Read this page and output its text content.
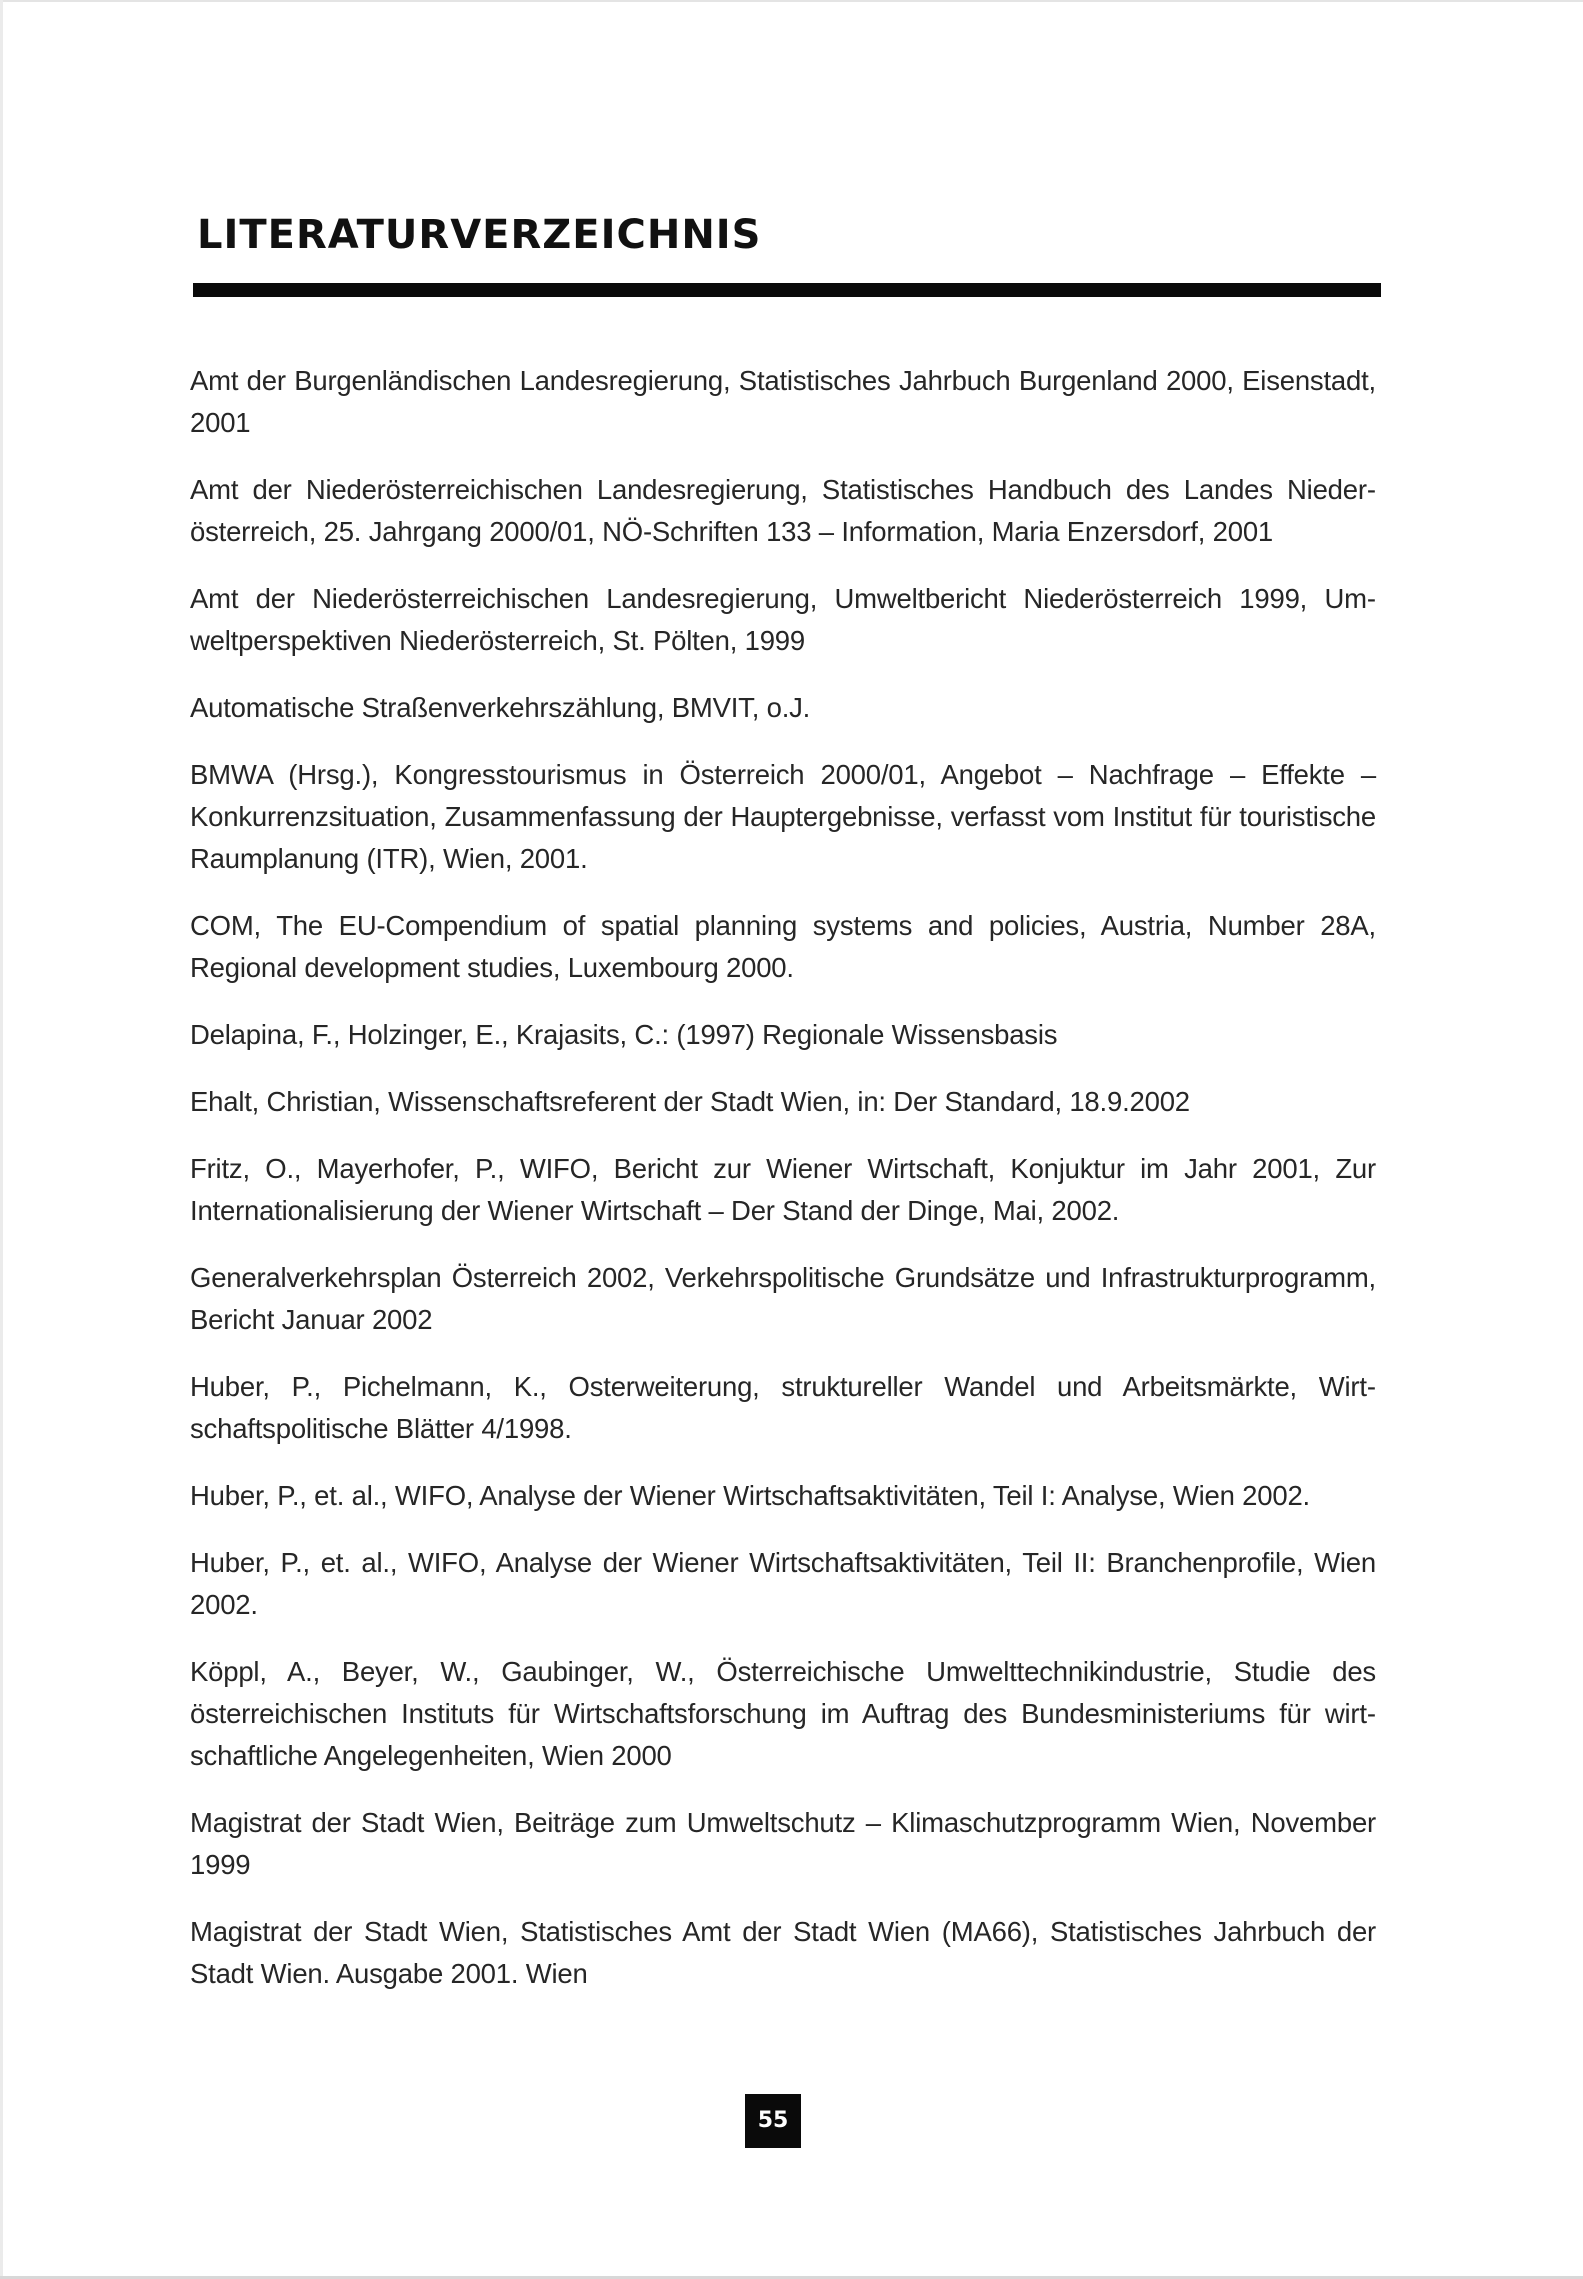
LITERATURVERZEICHNIS
Amt der Burgenländischen Landesregierung, Statistisches Jahrbuch Burgenland 2000, Eisenstadt, 2001
Amt der Niederösterreichischen Landesregierung, Statistisches Handbuch des Landes Niederösterreich, 25. Jahrgang 2000/01, NÖ-Schriften 133 – Information, Maria Enzersdorf, 2001
Amt der Niederösterreichischen Landesregierung, Umweltbericht Niederösterreich 1999, Umweltperspektiven Niederösterreich, St. Pölten, 1999
Automatische Straßenverkehrszählung, BMVIT, o.J.
BMWA (Hrsg.), Kongresstourismus in Österreich 2000/01, Angebot – Nachfrage – Effekte – Konkurrenzsituation, Zusammenfassung der Hauptergebnisse, verfasst vom Institut für touristische Raumplanung (ITR), Wien, 2001.
COM, The EU-Compendium of spatial planning systems and policies, Austria, Number 28A, Regional development studies, Luxembourg 2000.
Delapina, F., Holzinger, E., Krajasits, C.: (1997) Regionale Wissensbasis
Ehalt, Christian, Wissenschaftsreferent der Stadt Wien, in: Der Standard, 18.9.2002
Fritz, O., Mayerhofer, P., WIFO, Bericht zur Wiener Wirtschaft, Konjuktur im Jahr 2001, Zur Internationalisierung der Wiener Wirtschaft – Der Stand der Dinge, Mai, 2002.
Generalverkehrsplan Österreich 2002, Verkehrspolitische Grundsätze und Infrastrukturprogramm, Bericht Januar 2002
Huber, P., Pichelmann, K., Osterweiterung, struktureller Wandel und Arbeitsmärkte, Wirtschaftspolitische Blätter 4/1998.
Huber, P., et. al., WIFO, Analyse der Wiener Wirtschaftsaktivitäten, Teil I: Analyse, Wien 2002.
Huber, P., et. al., WIFO, Analyse der Wiener Wirtschaftsaktivitäten, Teil II: Branchenprofile, Wien 2002.
Köppl, A., Beyer, W., Gaubinger, W., Österreichische Umwelttechnikindustrie, Studie des österreichischen Instituts für Wirtschaftsforschung im Auftrag des Bundesministeriums für wirtschaftliche Angelegenheiten, Wien 2000
Magistrat der Stadt Wien, Beiträge zum Umweltschutz – Klimaschutzprogramm Wien, November 1999
Magistrat der Stadt Wien, Statistisches Amt der Stadt Wien (MA66), Statistisches Jahrbuch der Stadt Wien. Ausgabe 2001. Wien
55
